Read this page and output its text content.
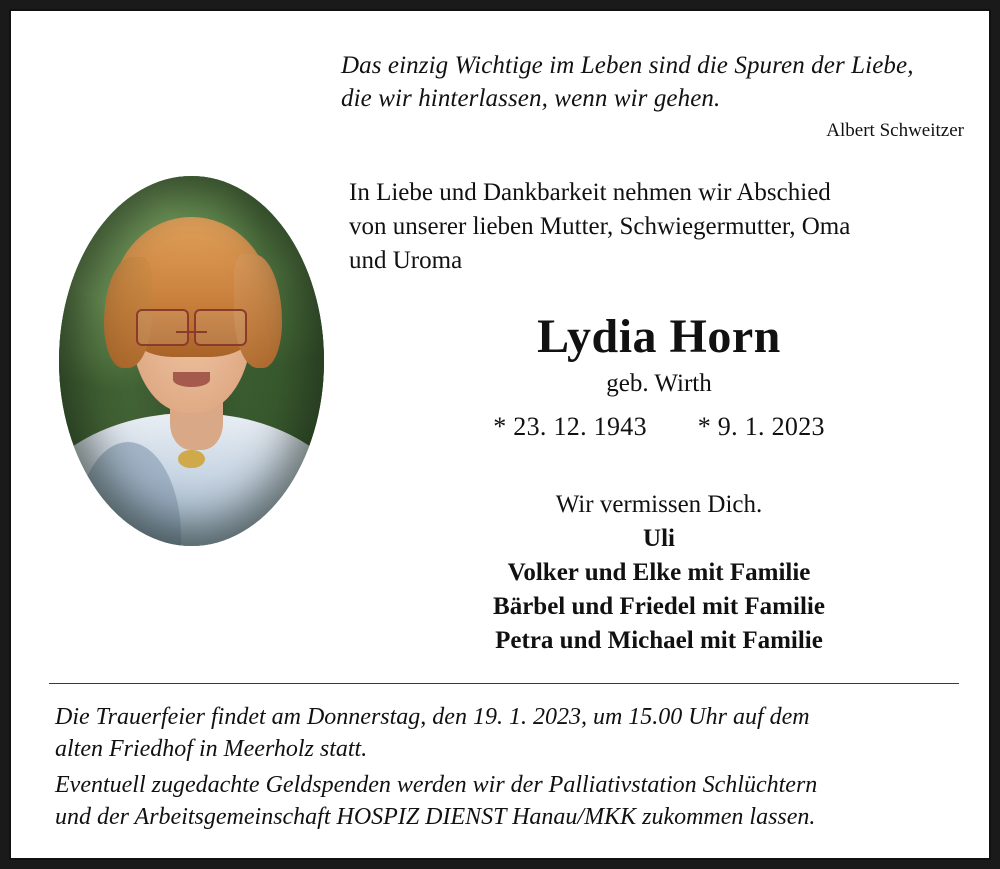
Das einzig Wichtige im Leben sind die Spuren der Liebe,
die wir hinterlassen, wenn wir gehen.
Albert Schweitzer
In Liebe und Dankbarkeit nehmen wir Abschied
von unserer lieben Mutter, Schwiegermutter, Oma
und Uroma
Lydia Horn
geb. Wirth
* 23. 12. 1943 * 9. 1. 2023
Wir vermissen Dich.
Uli
Volker und Elke mit Familie
Bärbel und Friedel mit Familie
Petra und Michael mit Familie

Die Trauerfeier findet am Donnerstag, den 19. 1. 2023, um 15.00 Uhr auf dem

alten Friedhof in Meerholz statt.

Eventuell zugedachte Geldspenden werden wir der Palliativstation Schlüchtern

und der Arbeitsgemeinschaft HOSPIZ DIENST Hanau/MKK zukommen lassen.
